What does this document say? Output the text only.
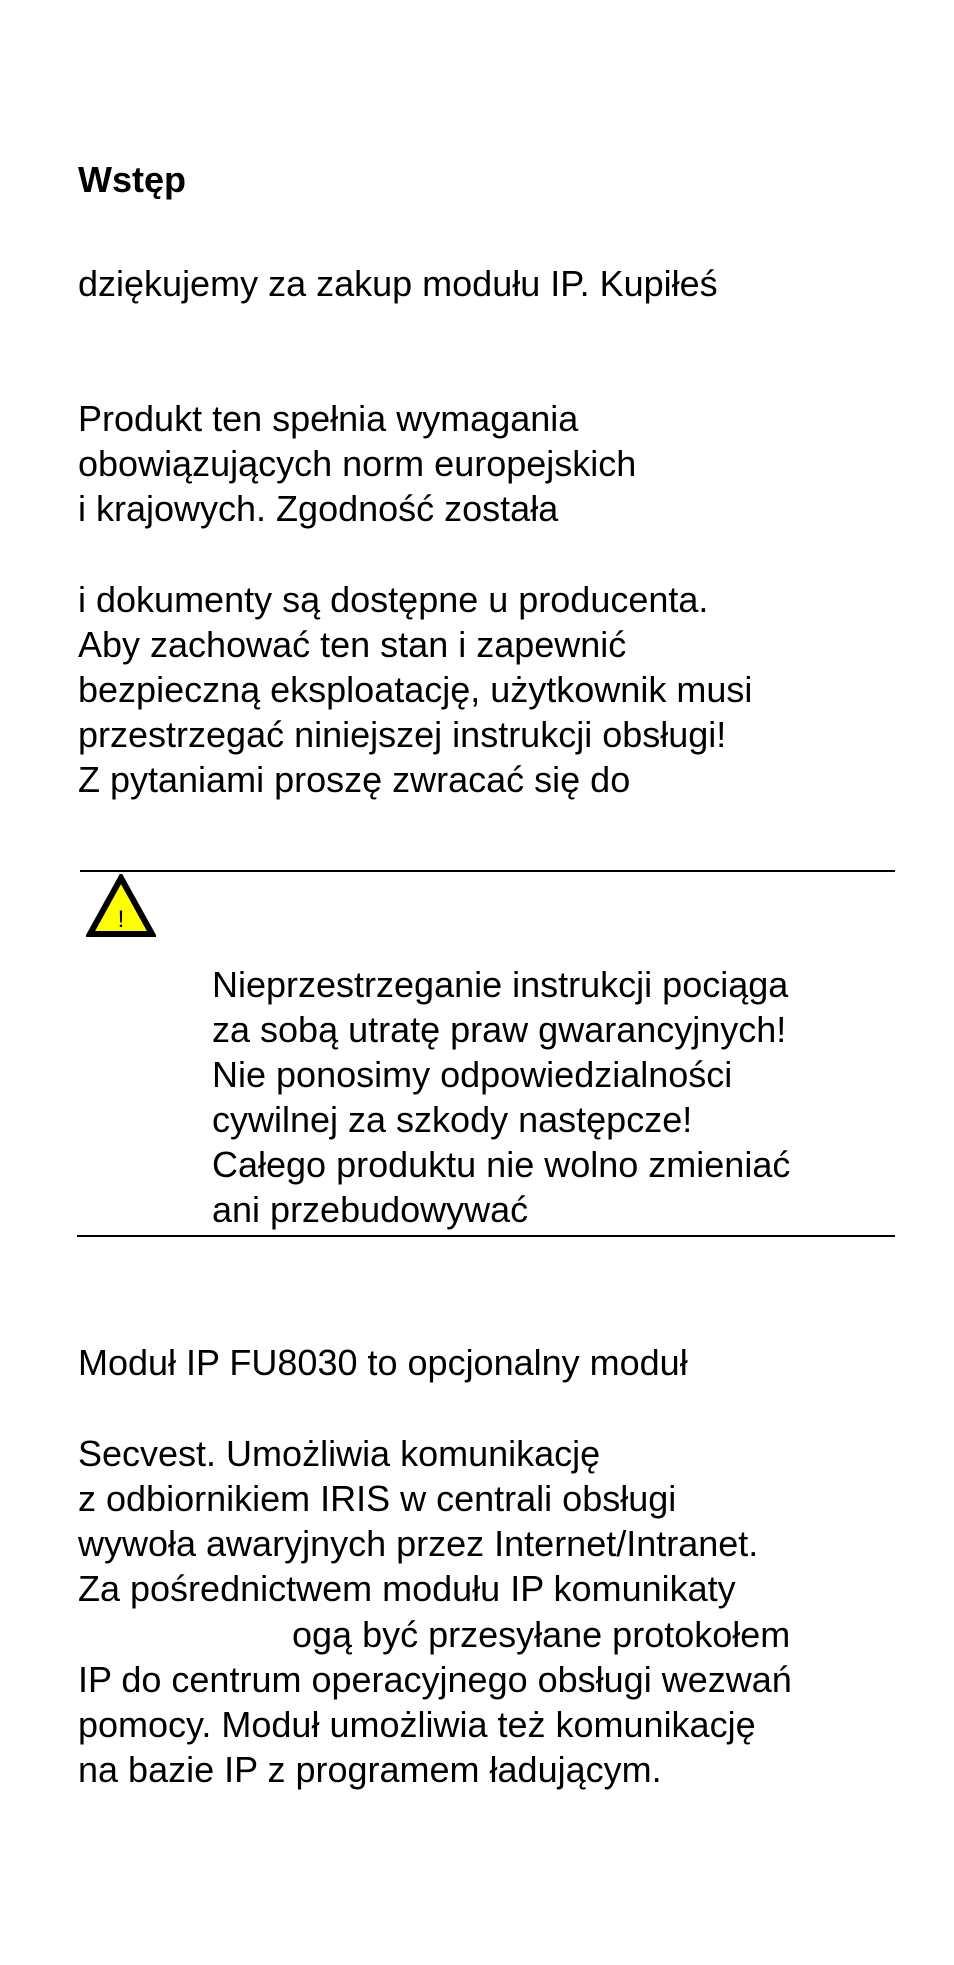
Wstęp

dziękujemy za zakup modułu IP. Kupiłeś

Produkt ten spełnia wymagania

obowiązujących norm europejskich

i krajowych. Zgodność została

i dokumenty są dostępne u producenta.

Aby zachować ten stan i zapewnić

bezpieczną eksploatację, użytkownik musi

przestrzegać niniejszej instrukcji obsługi!

Z pytaniami proszę zwracać się do

!

Nieprzestrzeganie instrukcji pociąga

za sobą utratę praw gwarancyjnych!

Nie ponosimy odpowiedzialności

cywilnej za szkody następcze!

Całego produktu nie wolno zmieniać

ani przebudowywać

Moduł IP FU8030 to opcjonalny moduł

Secvest. Umożliwia komunikację

z odbiornikiem IRIS w centrali obsługi

wywoła awaryjnych przez Internet/Intranet.

Za pośrednictwem modułu IP komunikaty

ogą być przesyłane protokołem

IP do centrum operacyjnego obsługi wezwań

pomocy. Moduł umożliwia też komunikację

na bazie IP z programem ładującym.
